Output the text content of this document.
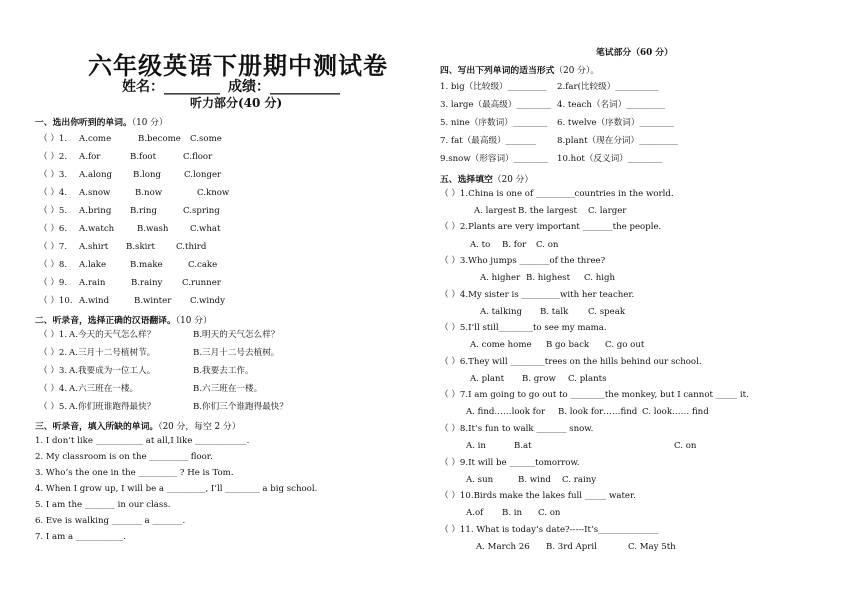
六年级英语下册期中测试卷
姓名：________ 成绩：__________
听力部分(40 分)
笔试部分（60 分）
一、选出你听到的单词。（10 分）
（ ）1. A.come	B.become C.some
（ ）2. A.for	B.foot	C.floor
（ ）3. A.along B.long	C.longer
（ ）4. A.snow	B.now	C.know
（ ）5. A.bring B.ring	C.spring
（ ）6. A.watch	B.wash	C.what
（ ）7. A.shirt B.skirt C.third
（ ）8. A.lake	B.make	C.cake
（ ）9. A.rain	B.rainy C.runner
（ ）10. A.wind	B.winter C.windy
二、听录音，选择正确的汉语翻译。（10 分）
（ ）1. A.今天的天气怎么样？	B.明天的天气怎么样？
（ ）2. A.三月十二号植树节。	B.三月十二号去植树。
（ ）3. A.我要成为一位工人。	B.我要去工作。
（ ）4. A.六三班在一楼。	B.六三班在一楼。
（ ）5. A.你们班谁跑得最快？	B.你们三个谁跑得最快？
三、听录音，填入所缺的单词。（20 分，每空 2 分）
1. I don’t like ___________ at all,I like ____________.
2. My classroom is on the _________ floor.
3. Who’s the one in the _________ ? He is Tom.
4. When I grow up, I will be a _________, I’ll ________ a big school.
5. I am the _______ in our class.
6. Eve is walking _______ a _______.
7. I am a ___________.
四、写出下列单词的适当形式（20 分）。
1. big（比较级）_________ 2.far(比较级）__________
3. large（最高级）________ 4. teach（名词）_________
5. nine（序数词）________ 6. twelve（序数词）________
7. fat（最高级）_______ 8.plant（现在分词）_________
9.snow（形容词）________ 10.hot（反义词）________
五、选择填空（20 分）
（ ）1.China is one of _________countries in the world.
A. largest B. the largest C. larger
（ ）2.Plants are very important _______the people.
A. to B. for C. on
（ ）3.Who jumps _______of the three?
A. higher B. highest C. high
（ ）4.My sister is _________with her teacher.
A. talking B. talk C. speak
（ ）5.I’ll still________to see my mama.
A. come home B go back C. go out
（ ）6.They will ________trees on the hills behind our school.
A. plant B. grow C. plants
（ ）7.I am going to go out to ________the monkey, but I cannot _____ it.
A. find……look for B. look for……find C. look…… find
（ ）8.It’s fun to walk _______ snow.
A. in	B.at	C. on
（ ）9.It will be ______tomorrow.
A. sun	B. wind C. rainy
（ ）10.Birds make the lakes full _____ water.
A.of B. in C. on
（ ）11. What is today’s date?-----It’s______________
A. March 26 B. 3rd April	C. May 5th
